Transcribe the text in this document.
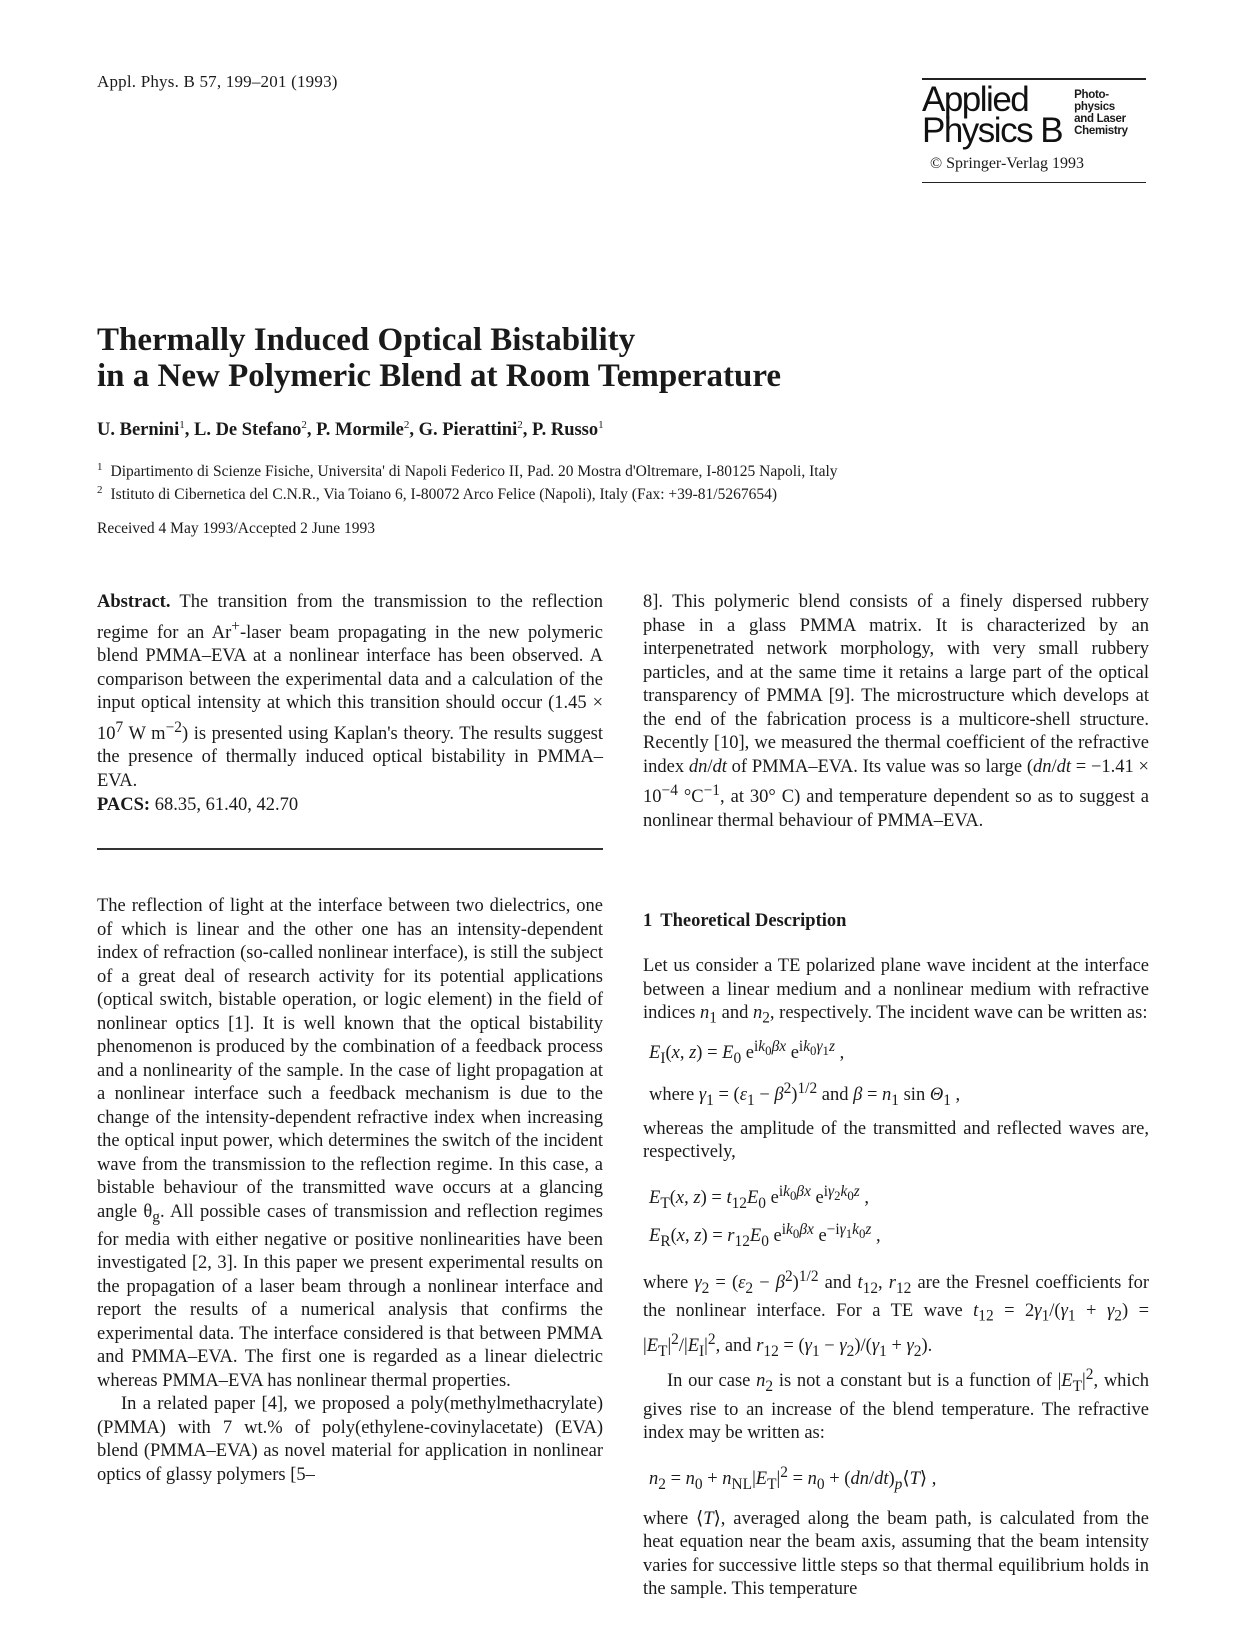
Appl. Phys. B 57, 199–201 (1993)	Applied
Physics B
Photo-
physics
and Laser
Chemistry
© Springer-Verlag 1993
Thermally Induced Optical Bistability
in a New Polymeric Blend at Room Temperature
U. Bernini$^1$, L. De Stefano$^2$, P. Mormile$^2$, G. Pierattini$^2$, P. Russo$^1$
$^1$ Dipartimento di Scienze Fisiche, Universita' di Napoli Federico II, Pad. 20 Mostra d'Oltremare, I-80125 Napoli, Italy
$^2$ Istituto di Cibernetica del C.N.R., Via Toiano 6, I-80072 Arco Felice (Napoli), Italy (Fax: +39-81/5267654)
Received 4 May 1993/Accepted 2 June 1993

Abstract. The transition from the transmission to the reflection regime for an Ar+-laser beam propagating in the new polymeric blend PMMA–EVA at a nonlinear interface has been observed. A comparison between the experimental data and a calculation of the input optical intensity at which this transition should occur ($1.45 \times 10^7$ W $m^{-2}$) is presented using Kaplan's theory. The results suggest the presence of thermally induced optical bistability in PMMA–EVA.

PACS: 68.35, 61.40, 42.70

The reflection of light at the interface between two dielectrics, one of which is linear and the other one has an intensity-dependent index of refraction (so-called nonlinear interface), is still the subject of a great deal of research activity for its potential applications (optical switch, bistable operation, or logic element) in the field of nonlinear optics [1]. It is well known that the optical bistability phenomenon is produced by the combination of a feedback process and a nonlinearity of the sample. In the case of light propagation at a nonlinear interface such a feedback mechanism is due to the change of the intensity-dependent refractive index when increasing the optical input power, which determines the switch of the incident wave from the transmission to the reflection regime. In this case, a bistable behaviour of the transmitted wave occurs at a glancing angle $\theta_g$. All possible cases of transmission and reflection regimes for media with either negative or positive nonlinearities have been investigated [2, 3]. In this paper we present experimental results on the propagation of a laser beam through a nonlinear interface and report the results of a numerical analysis that confirms the experimental data. The interface considered is that between PMMA and PMMA–EVA. The first one is regarded as a linear dielectric whereas PMMA–EVA has nonlinear thermal properties.

In a related paper [4], we proposed a poly(methylmethacrylate) (PMMA) with 7 wt.% of poly(ethylene-covinylacetate) (EVA) blend (PMMA–EVA) as novel material for application in nonlinear optics of glassy polymers [5–

8]. This polymeric blend consists of a finely dispersed rubbery phase in a glass PMMA matrix. It is characterized by an interpenetrated network morphology, with very small rubbery particles, and at the same time it retains a large part of the optical transparency of PMMA [9]. The microstructure which develops at the end of the fabrication process is a multicore-shell structure. Recently [10], we measured the thermal coefficient of the refractive index dn/dt of PMMA–EVA. Its value was so large ($dn/dt = -1.41 \times 10^{-4}$ $^\circ C^{-1}$, at 30° C) and temperature dependent so as to suggest a nonlinear thermal behaviour of PMMA–EVA.

1 Theoretical Description

Let us consider a TE polarized plane wave incident at the interface between a linear medium and a nonlinear medium with refractive indices $n_1$ and $n_2$, respectively. The incident wave can be written as:

$E_I(x$, $z) = E_0$ $e^{ik_0\beta x}$ $e^{ik_0\gamma_1z}$ ,
where $\gamma_1 = (\varepsilon_1 - \beta^2)^{1/2}$ and $\beta = n_1$ $\sin \Theta_1$ ,

whereas the amplitude of the transmitted and reflected waves are, respectively,

$E_T(x$, $z) = t_{12}E_0$ $e^{ik_0\beta x}$ $e^{i\gamma_2k_0z}$ ,
$E_R(x$, $z) = r_{12}E_0$ $e^{ik_0\beta x}$ $e^{-i\gamma_1k_0z}$ ,

where $\gamma_2 = (\varepsilon_2 - \beta^2)^{1/2}$ and $t_{12}$, $r_{12}$ are the Fresnel coefficients for the nonlinear interface. For a TE wave $t_{12} = 2\gamma_1/(\gamma_1 + \gamma_2) = |E_T|^2/|E_I|^2$, and $r_{12} = (\gamma_1 - \gamma_2)/(\gamma_1 + \gamma_2)$.

In our case $n_2$ is not a constant but is a function of $|E_T|^2$, which gives rise to an increase of the blend temperature. The refractive index may be written as:

$n_2 = n_0 + n_{NL}|E_T|^2 = n_0$ + $(dn/dt)_p⟨T⟩$ ,

where ⟨T⟩, averaged along the beam path, is calculated from the heat equation near the beam axis, assuming that the beam intensity varies for successive little steps so that thermal equilibrium holds in the sample. This temperature
